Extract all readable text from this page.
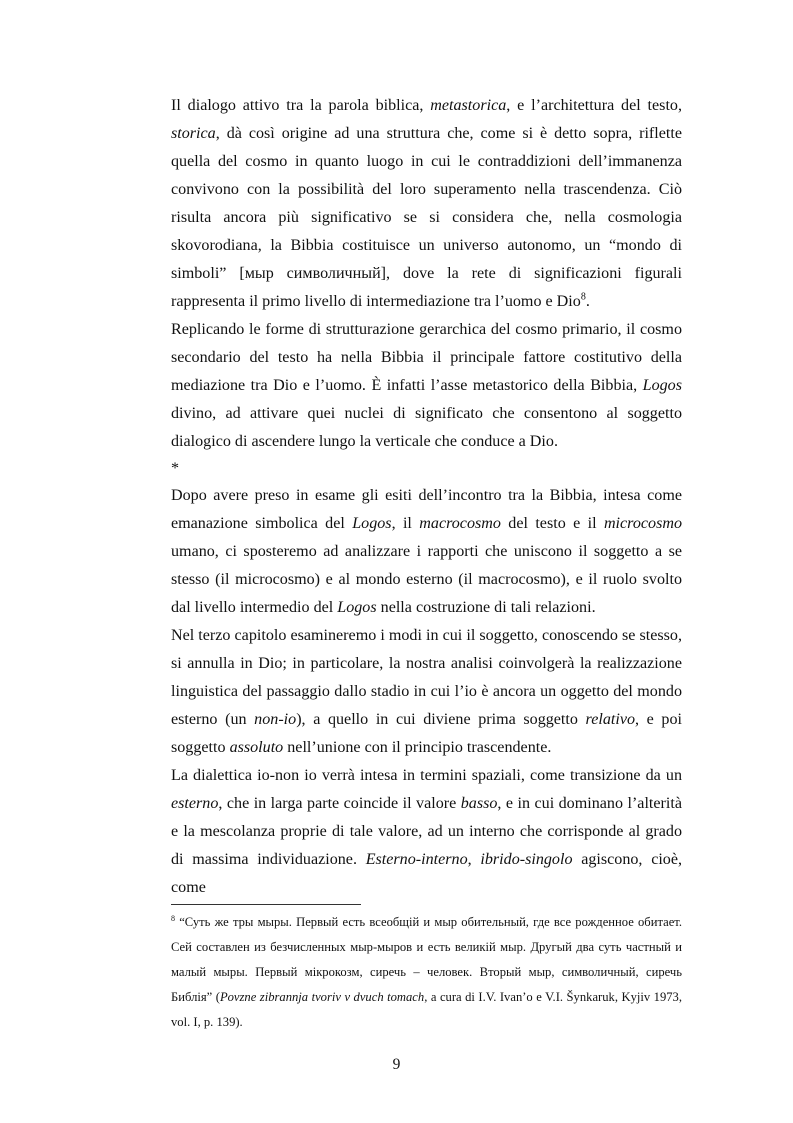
Il dialogo attivo tra la parola biblica, metastorica, e l’architettura del testo, storica, dà così origine ad una struttura che, come si è detto sopra, riflette quella del cosmo in quanto luogo in cui le contraddizioni dell’immanenza convivono con la possibilità del loro superamento nella trascendenza. Ciò risulta ancora più significativo se si considera che, nella cosmologia skovorodiana, la Bibbia costituisce un universo autonomo, un “mondo di simboli” [мыр символичный], dove la rete di significazioni figurali rappresenta il primo livello di intermediazione tra l’uomo e Dio$^8$.

Replicando le forme di strutturazione gerarchica del cosmo primario, il cosmo secondario del testo ha nella Bibbia il principale fattore costitutivo della mediazione tra Dio e l’uomo. È infatti l’asse metastorico della Bibbia, Logos divino, ad attivare quei nuclei di significato che consentono al soggetto dialogico di ascendere lungo la verticale che conduce a Dio.

*

Dopo avere preso in esame gli esiti dell’incontro tra la Bibbia, intesa come emanazione simbolica del Logos, il macrocosmo del testo e il microcosmo umano, ci sposteremo ad analizzare i rapporti che uniscono il soggetto a se stesso (il microcosmo) e al mondo esterno (il macrocosmo), e il ruolo svolto dal livello intermedio del Logos nella costruzione di tali relazioni.

Nel terzo capitolo esamineremo i modi in cui il soggetto, conoscendo se stesso, si annulla in Dio; in particolare, la nostra analisi coinvolgerà la realizzazione linguistica del passaggio dallo stadio in cui l’io è ancora un oggetto del mondo esterno (un non-io), a quello in cui diviene prima soggetto relativo, e poi soggetto assoluto nell’unione con il principio trascendente.

La dialettica io-non io verrà intesa in termini spaziali, come transizione da un esterno, che in larga parte coincide il valore basso, e in cui dominano l’alterità e la mescolanza proprie di tale valore, ad un interno che corrisponde al grado di massima individuazione. Esterno-interno, ibrido-singolo agiscono, cioè, come

$^8$ “Суть же тры мыры. Первый есть всеобщій и мыр обительный, где все рожденное обитает. Сей составлен из безчисленных мыр-мыров и есть великій мыр. Другый два суть частный и малый мыры. Первый мікрокозм, сиречь – человек. Вторый мыр, символичный, сиречь Библія” (Povzne zibrannja tvoriv v dvuch tomach, a cura di I.V. Ivan’o e V.I. Šynkaruk, Kyjiv 1973, vol. I, p. 139).

9
